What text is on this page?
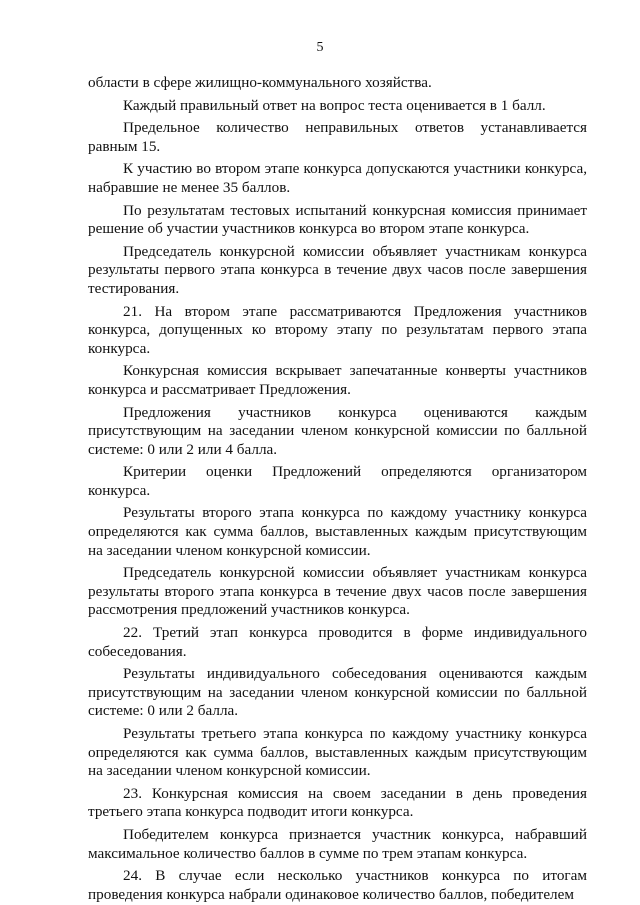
5

области в сфере жилищно-коммунального хозяйства.

Каждый правильный ответ на вопрос теста оценивается в 1 балл.

Предельное количество неправильных ответов устанавливается равным 15.

К участию во втором этапе конкурса допускаются участники конкурса, набравшие не менее 35 баллов.

По результатам тестовых испытаний конкурсная комиссия принимает решение об участии участников конкурса во втором этапе конкурса.

Председатель конкурсной комиссии объявляет участникам конкурса результаты первого этапа конкурса в течение двух часов после завершения тестирования.

21. На втором этапе рассматриваются Предложения участников конкурса, допущенных ко второму этапу по результатам первого этапа конкурса.

Конкурсная комиссия вскрывает запечатанные конверты участников конкурса и рассматривает Предложения.

Предложения участников конкурса оцениваются каждым присутствующим на заседании членом конкурсной комиссии по балльной системе: 0 или 2 или 4 балла.

Критерии оценки Предложений определяются организатором конкурса.

Результаты второго этапа конкурса по каждому участнику конкурса определяются как сумма баллов, выставленных каждым присутствующим на заседании членом конкурсной комиссии.

Председатель конкурсной комиссии объявляет участникам конкурса результаты второго этапа конкурса в течение двух часов после завершения рассмотрения предложений участников конкурса.

22. Третий этап конкурса проводится в форме индивидуального собеседования.

Результаты индивидуального собеседования оцениваются каждым присутствующим на заседании членом конкурсной комиссии по балльной системе: 0 или 2 балла.

Результаты третьего этапа конкурса по каждому участнику конкурса определяются как сумма баллов, выставленных каждым присутствующим на заседании членом конкурсной комиссии.

23. Конкурсная комиссия на своем заседании в день проведения третьего этапа конкурса подводит итоги конкурса.

Победителем конкурса признается участник конкурса, набравший максимальное количество баллов в сумме по трем этапам конкурса.

24. В случае если несколько участников конкурса по итогам проведения конкурса набрали одинаковое количество баллов, победителем
